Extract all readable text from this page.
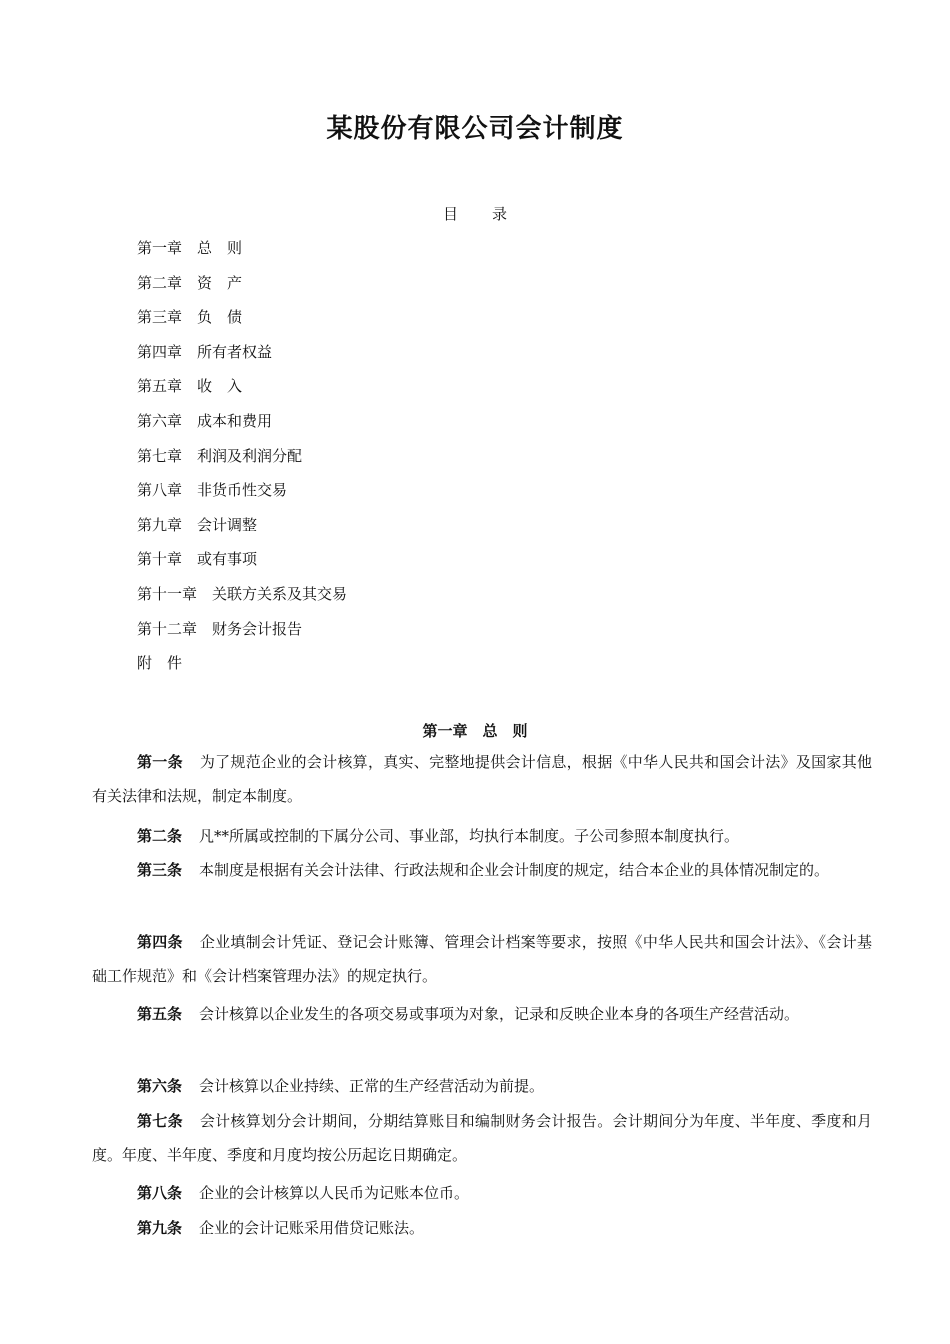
某股份有限公司会计制度
目录
第一章　总　则
第二章　资　产
第三章　负　债
第四章　所有者权益
第五章　收　入
第六章　成本和费用
第七章　利润及利润分配
第八章　非货币性交易
第九章　会计调整
第十章　或有事项
第十一章　关联方关系及其交易
第十二章　财务会计报告
附　件
第一章　总　则

第一条 为了规范企业的会计核算，真实、完整地提供会计信息，根据《中华人民共和国会计法》及国家其他有关法律和法规，制定本制度。

第二条 凡**所属或控制的下属分公司、事业部，均执行本制度。子公司参照本制度执行。

第三条 本制度是根据有关会计法律、行政法规和企业会计制度的规定，结合本企业的具体情况制定的。

第四条 企业填制会计凭证、登记会计账簿、管理会计档案等要求，按照《中华人民共和国会计法》、《会计基础工作规范》和《会计档案管理办法》的规定执行。

第五条 会计核算以企业发生的各项交易或事项为对象，记录和反映企业本身的各项生产经营活动。

第六条 会计核算以企业持续、正常的生产经营活动为前提。

第七条 会计核算划分会计期间，分期结算账目和编制财务会计报告。会计期间分为年度、半年度、季度和月度。年度、半年度、季度和月度均按公历起讫日期确定。

第八条 企业的会计核算以人民币为记账本位币。

第九条 企业的会计记账采用借贷记账法。
